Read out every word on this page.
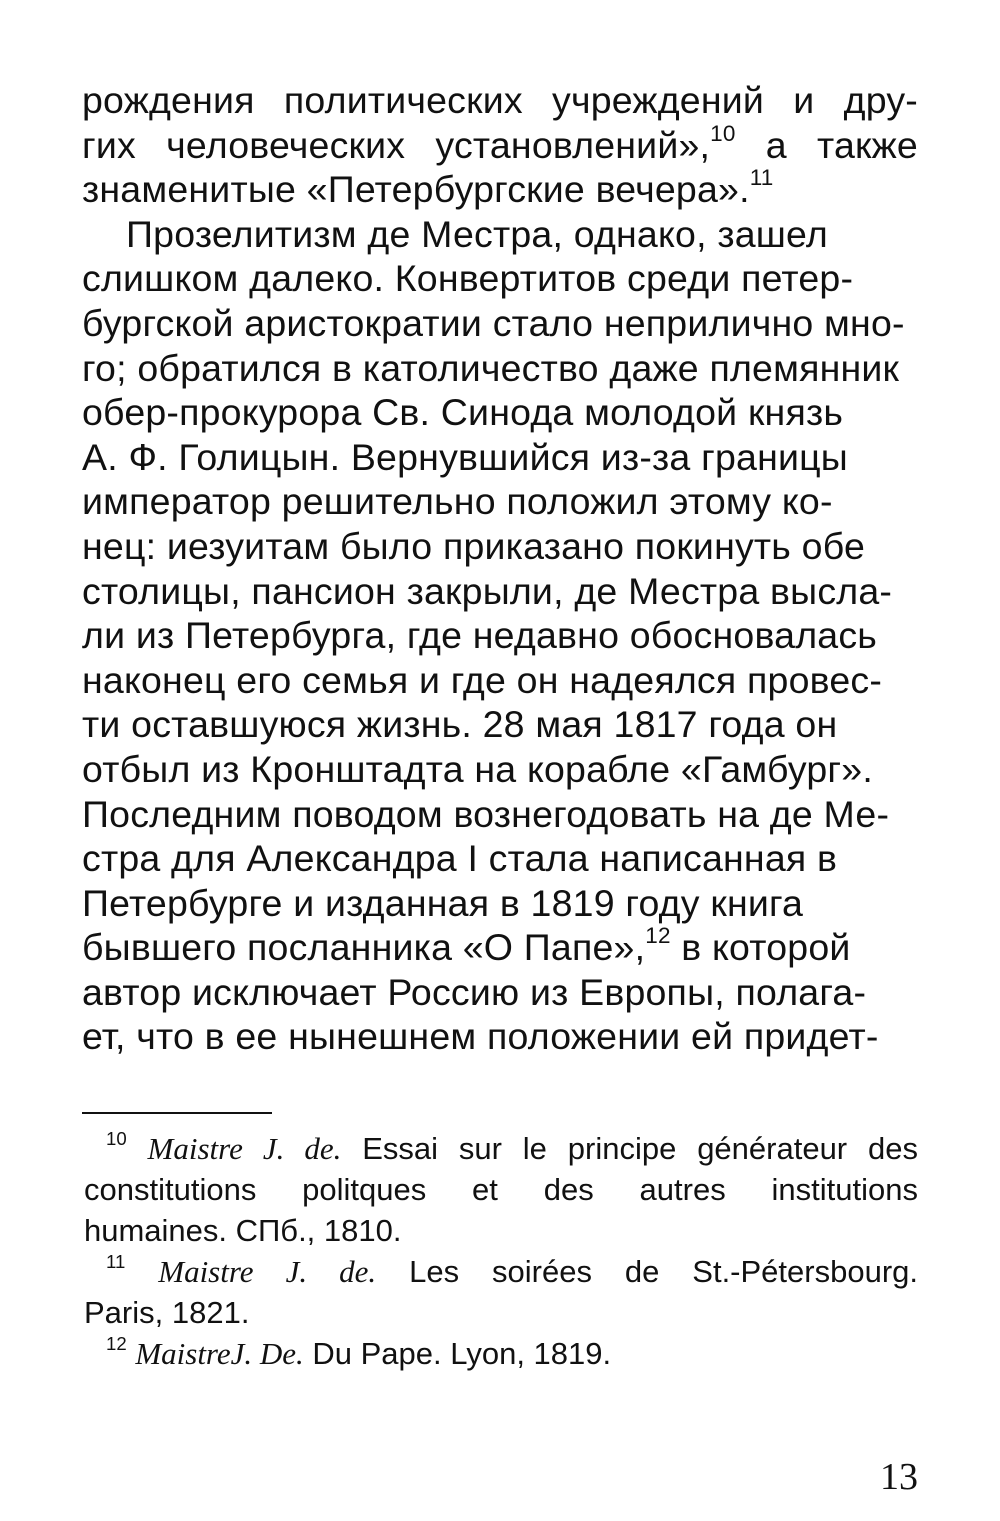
рождения политических учреждений и дру-
гих человеческих установлений»,$^{10}$ а также
знаменитые «Петербургские вечера».$^{11}$

Прозелитизм де Местра, однако, зашел
слишком далеко. Конвертитов среди петер-
бургской аристократии стало неприлично мно-
го; обратился в католичество даже племянник
обер-прокурора Св. Синода молодой князь
А. Ф. Голицын. Вернувшийся из-за границы
император решительно положил этому ко-
нец: иезуитам было приказано покинуть обе
столицы, пансион закрыли, де Местра высла-
ли из Петербурга, где недавно обосновалась
наконец его семья и где он надеялся провес-
ти оставшуюся жизнь. 28 мая 1817 года он
отбыл из Кронштадта на корабле «Гамбург».
Последним поводом вознегодовать на де Ме-
стра для Александра I стала написанная в
Петербурге и изданная в 1819 году книга
бывшего посланника «О Папе»,$^{12}$ в которой
автор исключает Россию из Европы, полага-
ет, что в ее нынешнем положении ей придет-

$^{10}$ Maistre J. de. Essai sur le principe générateur des
constitutions politques et des autres institutions
humaines. СПб., 1810.
$^{11}$ Maistre J. de. Les soirées de St.-Pétersbourg.
Paris, 1821.
$^{12}$ MaistreJ. De. Du Pape. Lyon, 1819.
13
